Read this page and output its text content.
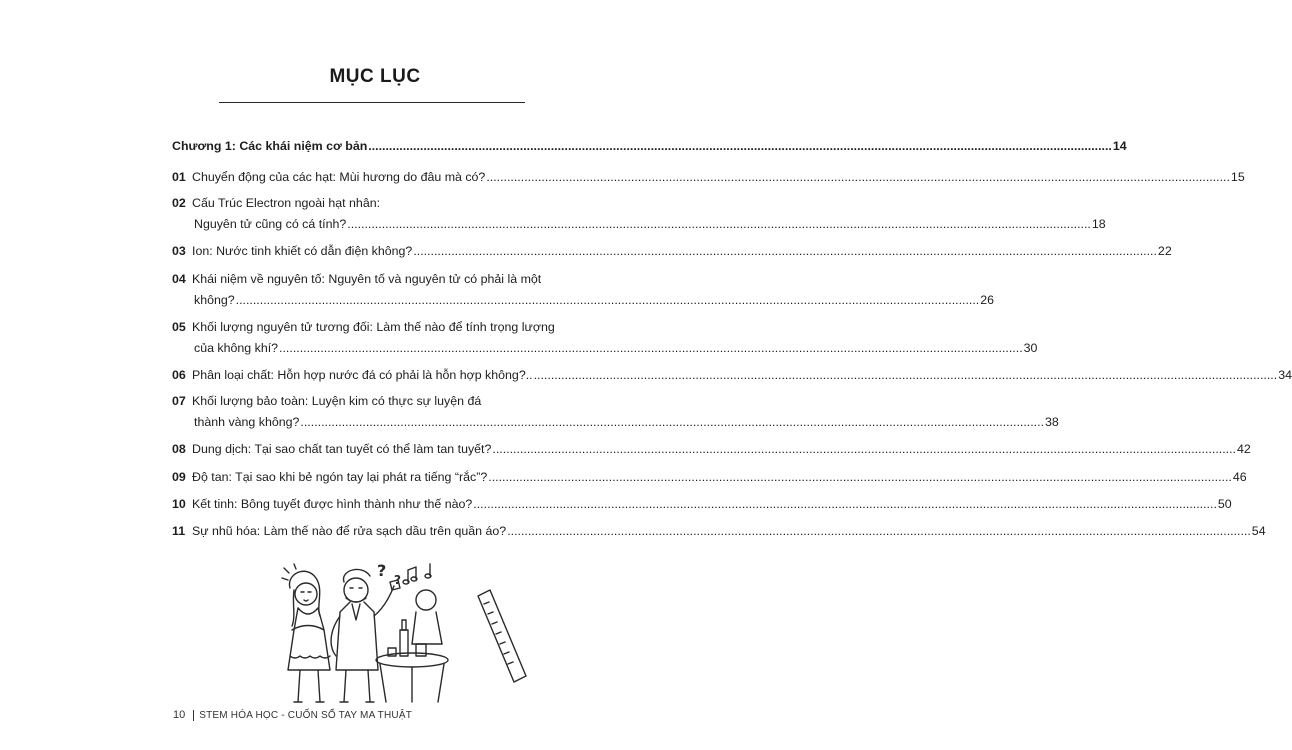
MỤC LỤC
Chương 1: Các khái niệm cơ bản .....	14
01 Chuyển động của các hạt: Mùi hương do đâu mà có? .....	15
02 Cấu Trúc Electron ngoài hạt nhân:
Nguyên tử cũng có cá tính? .....	18
03 Ion: Nước tinh khiết có dẫn điện không? .....	22
04 Khái niệm về nguyên tố: Nguyên tố và nguyên tử có phải là một
không? .....	26
05 Khối lượng nguyên tử tương đối: Làm thế nào để tính trọng lượng
của không khí? .....	30
06 Phân loại chất: Hỗn hợp nước đá có phải là hỗn hợp không?.. .....	34
07 Khối lượng bảo toàn: Luyện kim có thực sự luyện đá
thành vàng không? .....	38
08 Dung dịch: Tại sao chất tan tuyết có thể làm tan tuyết? .....	42
09 Độ tan: Tại sao khi bẻ ngón tay lại phát ra tiếng “rắc”? .....	46
10 Kết tinh: Bông tuyết được hình thành như thế nào? .....	50
11 Sự nhũ hóa: Làm thế nào để rửa sạch dầu trên quần áo? .....	54
? ?
10 STEM HÓA HỌC - CUỐN SỔ TAY MA THUẬT
